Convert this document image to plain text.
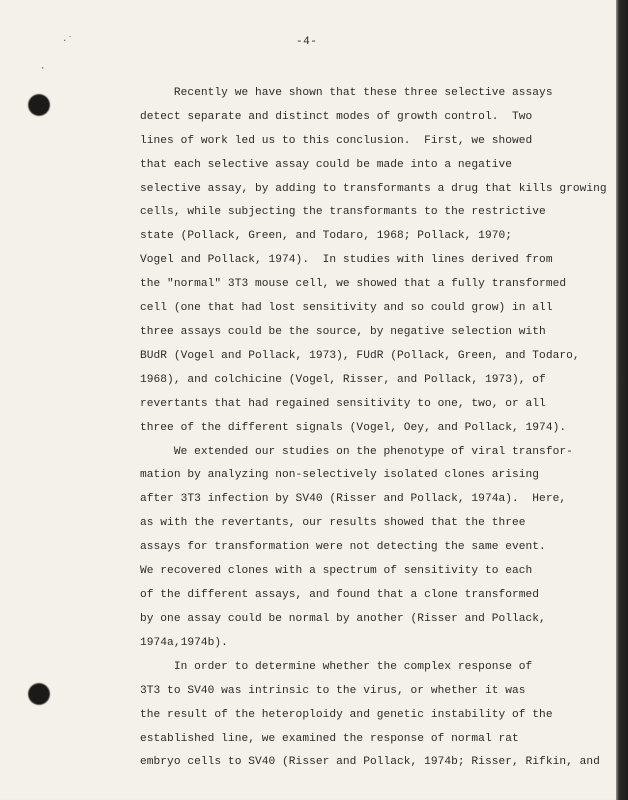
·˙
⋅
-4-
Recently we have shown that these three selective assays
detect separate and distinct modes of growth control.  Two
lines of work led us to this conclusion.  First, we showed
that each selective assay could be made into a negative
selective assay, by adding to transformants a drug that kills growing
cells, while subjecting the transformants to the restrictive
state (Pollack, Green, and Todaro, 1968; Pollack, 1970;
Vogel and Pollack, 1974).  In studies with lines derived from
the "normal" 3T3 mouse cell, we showed that a fully transformed
cell (one that had lost sensitivity and so could grow) in all
three assays could be the source, by negative selection with
BUdR (Vogel and Pollack, 1973), FUdR (Pollack, Green, and Todaro,
1968), and colchicine (Vogel, Risser, and Pollack, 1973), of
revertants that had regained sensitivity to one, two, or all
three of the different signals (Vogel, Oey, and Pollack, 1974).
We extended our studies on the phenotype of viral transfor-
mation by analyzing non-selectively isolated clones arising
after 3T3 infection by SV40 (Risser and Pollack, 1974a).  Here,
as with the revertants, our results showed that the three
assays for transformation were not detecting the same event.
We recovered clones with a spectrum of sensitivity to each
of the different assays, and found that a clone transformed
by one assay could be normal by another (Risser and Pollack,
1974a,1974b).
In order to determine whether the complex response of
3T3 to SV40 was intrinsic to the virus, or whether it was
the result of the heteroploidy and genetic instability of the
established line, we examined the response of normal rat
embryo cells to SV40 (Risser and Pollack, 1974b; Risser, Rifkin, and
